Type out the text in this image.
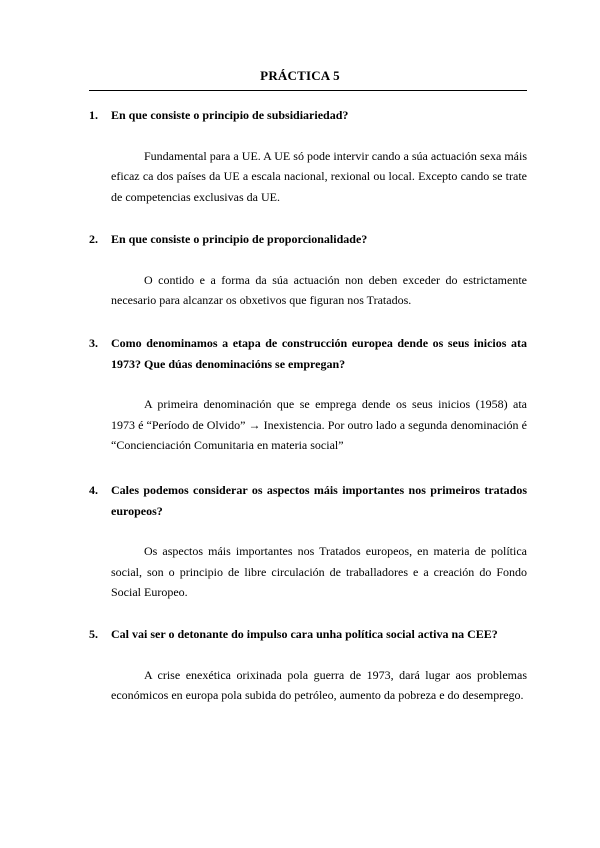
PRÁCTICA 5
1.	En que consiste o principio de subsidiariedad?
Fundamental para a UE. A UE só pode intervir cando a súa actuación sexa máis eficaz ca dos países da UE a escala nacional, rexional ou local. Excepto cando se trate de competencias exclusivas da UE.
2.	En que consiste o principio de proporcionalidade?
O contido e a forma da súa actuación non deben exceder do estrictamente necesario para alcanzar os obxetivos que figuran nos Tratados.
3.	Como denominamos a etapa de construcción europea dende os seus inicios ata 1973? Que dúas denominacións se empregan?
A primeira denominación que se emprega dende os seus inicios (1958) ata 1973 é “Período de Olvido” → Inexistencia. Por outro lado a segunda denominación é “Concienciación Comunitaria en materia social”
4.	Cales podemos considerar os aspectos máis importantes nos primeiros tratados europeos?
Os aspectos máis importantes nos Tratados europeos, en materia de política social, son o principio de libre circulación de traballadores e a creación do Fondo Social Europeo.
5.	Cal vai ser o detonante do impulso cara unha política social activa na CEE?
A crise enexética orixinada pola guerra de 1973, dará lugar aos problemas económicos en europa pola subida do petróleo, aumento da pobreza e do desemprego.
